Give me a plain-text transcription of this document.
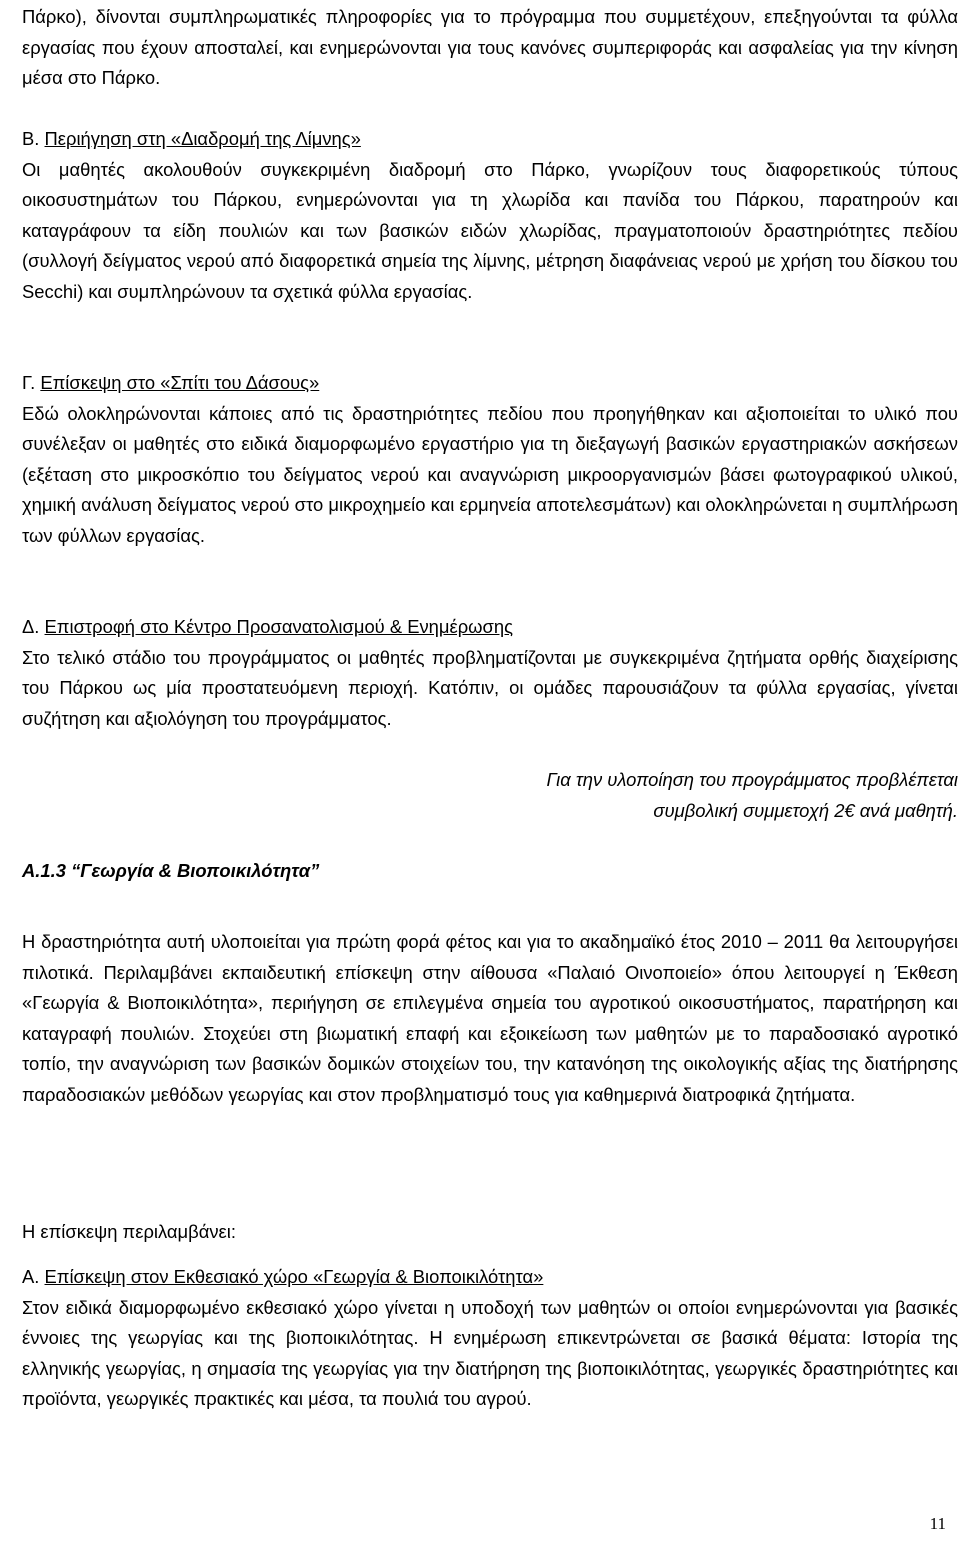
Πάρκο), δίνονται συμπληρωματικές πληροφορίες για το πρόγραμμα που συμμετέχουν, επεξηγούνται τα φύλλα εργασίας που έχουν αποσταλεί, και ενημερώνονται για τους κανόνες συμπεριφοράς και ασφαλείας για την κίνηση μέσα στο Πάρκο.

Β. Περιήγηση στη «Διαδρομή της Λίμνης»
Οι μαθητές ακολουθούν συγκεκριμένη διαδρομή στο Πάρκο, γνωρίζουν τους διαφορετικούς τύπους οικοσυστημάτων του Πάρκου, ενημερώνονται για τη χλωρίδα και πανίδα του Πάρκου, παρατηρούν και καταγράφουν τα είδη πουλιών και των βασικών ειδών χλωρίδας, πραγματοποιούν δραστηριότητες πεδίου (συλλογή δείγματος νερού από διαφορετικά σημεία της λίμνης, μέτρηση διαφάνειας νερού με χρήση του δίσκου του Secchi) και συμπληρώνουν τα σχετικά φύλλα εργασίας.

Γ. Επίσκεψη στο «Σπίτι του Δάσους»
Εδώ ολοκληρώνονται κάποιες από τις δραστηριότητες πεδίου που προηγήθηκαν και αξιοποιείται το υλικό που συνέλεξαν οι μαθητές στο ειδικά διαμορφωμένο εργαστήριο για τη διεξαγωγή βασικών εργαστηριακών ασκήσεων (εξέταση στο μικροσκόπιο του δείγματος νερού και αναγνώριση μικροοργανισμών βάσει φωτογραφικού υλικού, χημική ανάλυση δείγματος νερού στο μικροχημείο και ερμηνεία αποτελεσμάτων) και ολοκληρώνεται η συμπλήρωση των φύλλων εργασίας.

Δ. Επιστροφή στο Κέντρο Προσανατολισμού & Ενημέρωσης
Στο τελικό στάδιο του προγράμματος οι μαθητές προβληματίζονται με συγκεκριμένα ζητήματα ορθής διαχείρισης του Πάρκου ως μία προστατευόμενη περιοχή. Κατόπιν, οι ομάδες παρουσιάζουν τα φύλλα εργασίας, γίνεται συζήτηση και αξιολόγηση του προγράμματος.

Για την υλοποίηση του προγράμματος προβλέπεται
συμβολική συμμετοχή 2€ ανά μαθητή.
Α.1.3 “Γεωργία & Βιοποικιλότητα”

Η δραστηριότητα αυτή υλοποιείται για πρώτη φορά φέτος και για το ακαδημαϊκό έτος 2010 – 2011 θα λειτουργήσει πιλοτικά. Περιλαμβάνει εκπαιδευτική επίσκεψη στην αίθουσα «Παλαιό Οινοποιείο» όπου λειτουργεί η Έκθεση «Γεωργία & Βιοποικιλότητα», περιήγηση σε επιλεγμένα σημεία του αγροτικού οικοσυστήματος, παρατήρηση και καταγραφή πουλιών. Στοχεύει στη βιωματική επαφή και εξοικείωση των μαθητών με το παραδοσιακό αγροτικό τοπίο, την αναγνώριση των βασικών δομικών στοιχείων του, την κατανόηση της οικολογικής αξίας της διατήρησης παραδοσιακών μεθόδων γεωργίας και στον προβληματισμό τους για καθημερινά διατροφικά ζητήματα.

Η επίσκεψη περιλαμβάνει:

Α. Επίσκεψη στον Εκθεσιακό χώρο «Γεωργία & Βιοποικιλότητα»
Στον ειδικά διαμορφωμένο εκθεσιακό χώρο γίνεται η υποδοχή των μαθητών οι οποίοι ενημερώνονται για βασικές έννοιες της γεωργίας και της βιοποικιλότητας. Η ενημέρωση επικεντρώνεται σε βασικά θέματα: Ιστορία της ελληνικής γεωργίας, η σημασία της γεωργίας για την διατήρηση της βιοποικιλότητας, γεωργικές δραστηριότητες και προϊόντα, γεωργικές πρακτικές και μέσα, τα πουλιά του αγρού.

11
